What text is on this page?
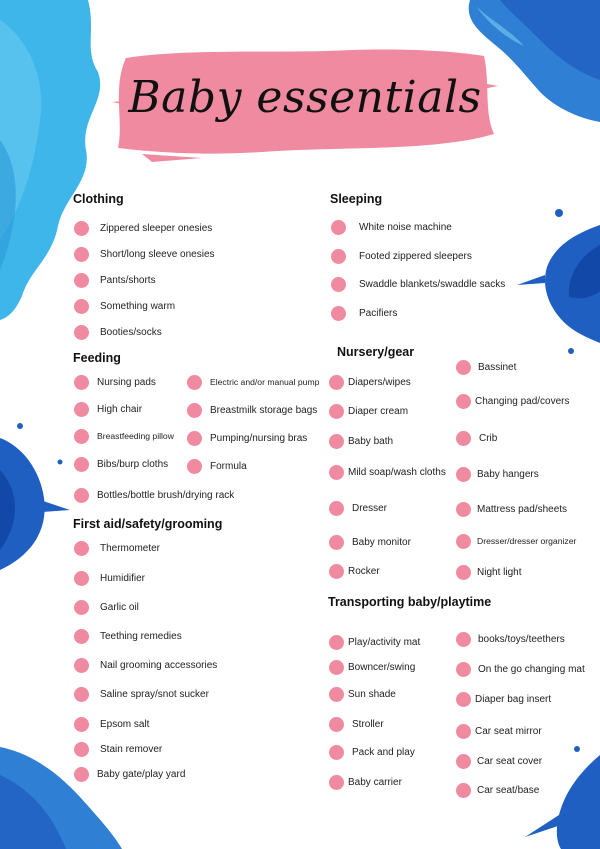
Baby essentials
Clothing
Feeding
First aid/safety/grooming
Sleeping
Nursery/gear
Transporting baby/playtime
Zippered sleeper onesies
Short/long sleeve onesies
Pants/shorts
Something warm
Booties/socks
Nursing pads
High chair
Breastfeeding pillow
Bibs/burp cloths
Electric and/or manual pump
Breastmilk storage bags
Pumping/nursing bras
Formula
Bottles/bottle brush/drying rack
Thermometer
Humidifier
Garlic oil
Teething remedies
Nail grooming accessories
Saline spray/snot sucker
Epsom salt
Stain remover
Baby gate/play yard
White noise machine
Footed zippered sleepers
Swaddle blankets/swaddle sacks
Pacifiers
Diapers/wipes
Diaper cream
Baby bath
Mild soap/wash cloths
Dresser
Baby monitor
Rocker
Bassinet
Changing pad/covers
Crib
Baby hangers
Mattress pad/sheets
Dresser/dresser organizer
Night light
Play/activity mat
Bowncer/swing
Sun shade
Stroller
Pack and play
Baby carrier
books/toys/teethers
On the go changing mat
Diaper bag insert
Car seat mirror
Car seat cover
Car seat/base
